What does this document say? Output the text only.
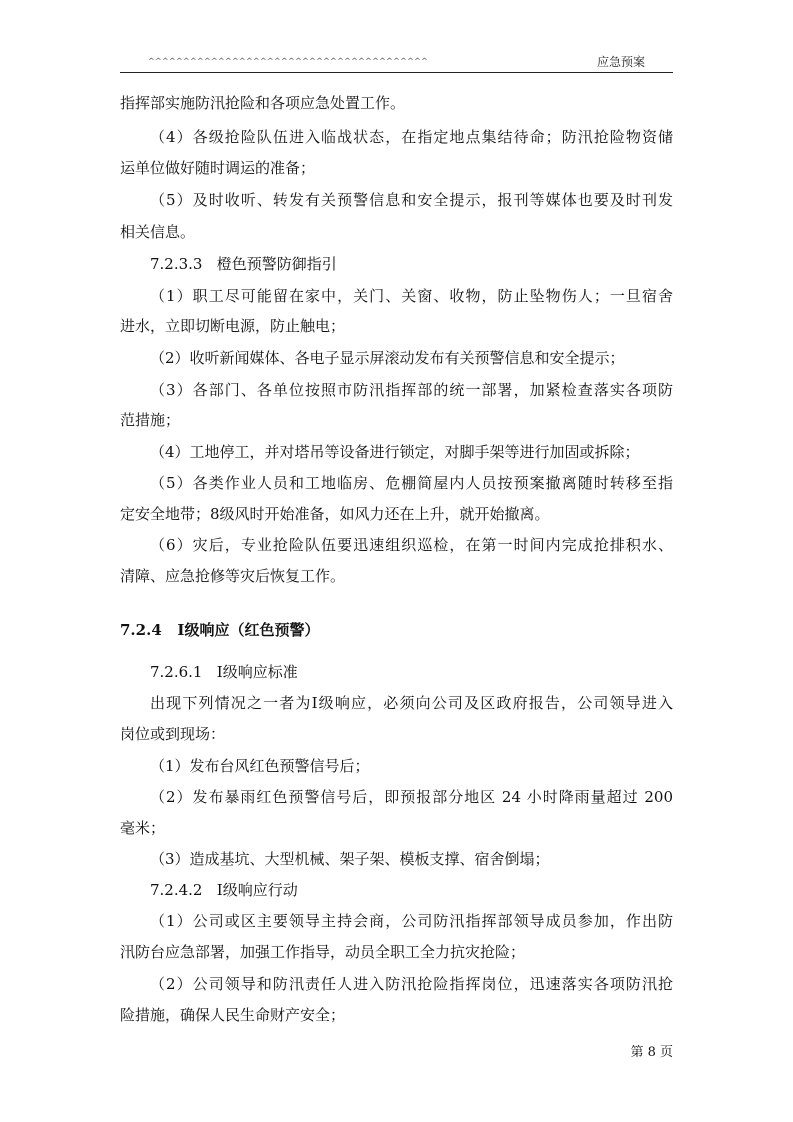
^^^^^^^^^^^^^^^^^^^^^^^^^^^^^^^^^^^^^^^^	应急预案
指挥部实施防汛抢险和各项应急处置工作。
（4）各级抢险队伍进入临战状态，在指定地点集结待命；防汛抢险物资储
运单位做好随时调运的准备；
（5）及时收听、转发有关预警信息和安全提示，报刊等媒体也要及时刊发
相关信息。
7.2.3.3   橙色预警防御指引
（1）职工尽可能留在家中，关门、关窗、收物，防止坠物伤人；一旦宿舍
进水，立即切断电源，防止触电；
（2）收听新闻媒体、各电子显示屏滚动发布有关预警信息和安全提示；
（3）各部门、各单位按照市防汛指挥部的统一部署，加紧检查落实各项防
范措施；
（4）工地停工，并对塔吊等设备进行锁定，对脚手架等进行加固或拆除；
（5）各类作业人员和工地临房、危棚简屋内人员按预案撤离随时转移至指
定安全地带；8级风时开始准备，如风力还在上升，就开始撤离。
（6）灾后，专业抢险队伍要迅速组织巡检，在第一时间内完成抢排积水、
清障、应急抢修等灾后恢复工作。
7.2.4   Ⅰ级响应（红色预警）
7.2.6.1   Ⅰ级响应标准
出现下列情况之一者为Ⅰ级响应，必须向公司及区政府报告，公司领导进入
岗位或到现场：
（1）发布台风红色预警信号后；
（2）发布暴雨红色预警信号后，即预报部分地区 24 小时降雨量超过 200
毫米；
（3）造成基坑、大型机械、架子架、模板支撑、宿舍倒塌；
7.2.4.2   Ⅰ级响应行动
（1）公司或区主要领导主持会商，公司防汛指挥部领导成员参加，作出防
汛防台应急部署，加强工作指导，动员全职工全力抗灾抢险；
（2）公司领导和防汛责任人进入防汛抢险指挥岗位，迅速落实各项防汛抢
险措施，确保人民生命财产安全；
第 8 页
